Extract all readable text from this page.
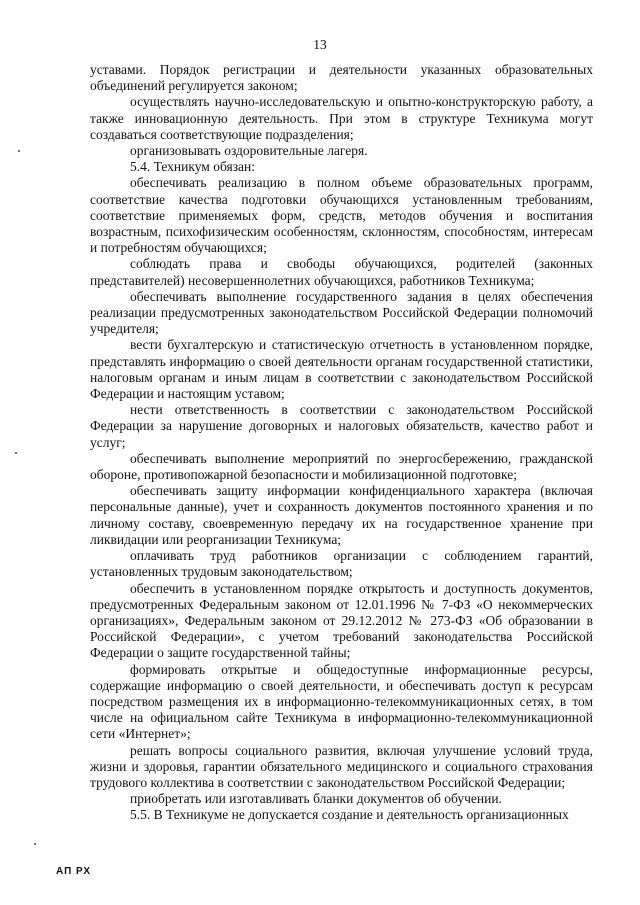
13

уставами. Порядок регистрации и деятельности указанных образовательных объединений регулируется законом;

осуществлять научно-исследовательскую и опытно-конструкторскую работу, а также инновационную деятельность. При этом в структуре Техникума могут создаваться соответствующие подразделения;

организовывать оздоровительные лагеря.

5.4. Техникум обязан:

обеспечивать реализацию в полном объеме образовательных программ, соответствие качества подготовки обучающихся установленным требованиям, соответствие применяемых форм, средств, методов обучения и воспитания возрастным, психофизическим особенностям, склонностям, способностям, интересам и потребностям обучающихся;

соблюдать права и свободы обучающихся, родителей (законных представителей) несовершеннолетних обучающихся, работников Техникума;

обеспечивать выполнение государственного задания в целях обеспечения реализации предусмотренных законодательством Российской Федерации полномочий учредителя;

вести бухгалтерскую и статистическую отчетность в установленном порядке, представлять информацию о своей деятельности органам государственной статистики, налоговым органам и иным лицам в соответствии с законодательством Российской Федерации и настоящим уставом;

нести ответственность в соответствии с законодательством Российской Федерации за нарушение договорных и налоговых обязательств, качество работ и услуг;

обеспечивать выполнение мероприятий по энергосбережению, гражданской обороне, противопожарной безопасности и мобилизационной подготовке;

обеспечивать защиту информации конфиденциального характера (включая персональные данные), учет и сохранность документов постоянного хранения и по личному составу, своевременную передачу их на государственное хранение при ликвидации или реорганизации Техникума;

оплачивать труд работников организации с соблюдением гарантий, установленных трудовым законодательством;

обеспечить в установленном порядке открытость и доступность документов, предусмотренных Федеральным законом от 12.01.1996 № 7-ФЗ «О некоммерческих организациях», Федеральным законом от 29.12.2012 № 273-ФЗ «Об образовании в Российской Федерации», с учетом требований законодательства Российской Федерации о защите государственной тайны;

формировать открытые и общедоступные информационные ресурсы, содержащие информацию о своей деятельности, и обеспечивать доступ к ресурсам посредством размещения их в информационно-телекоммуникационных сетях, в том числе на официальном сайте Техникума в информационно-телекоммуникационной сети «Интернет»;

решать вопросы социального развития, включая улучшение условий труда, жизни и здоровья, гарантии обязательного медицинского и социального страхования трудового коллектива в соответствии с законодательством Российской Федерации;

приобретать или изготавливать бланки документов об обучении.

5.5. В Техникуме не допускается создание и деятельность организационных

АП РХ
